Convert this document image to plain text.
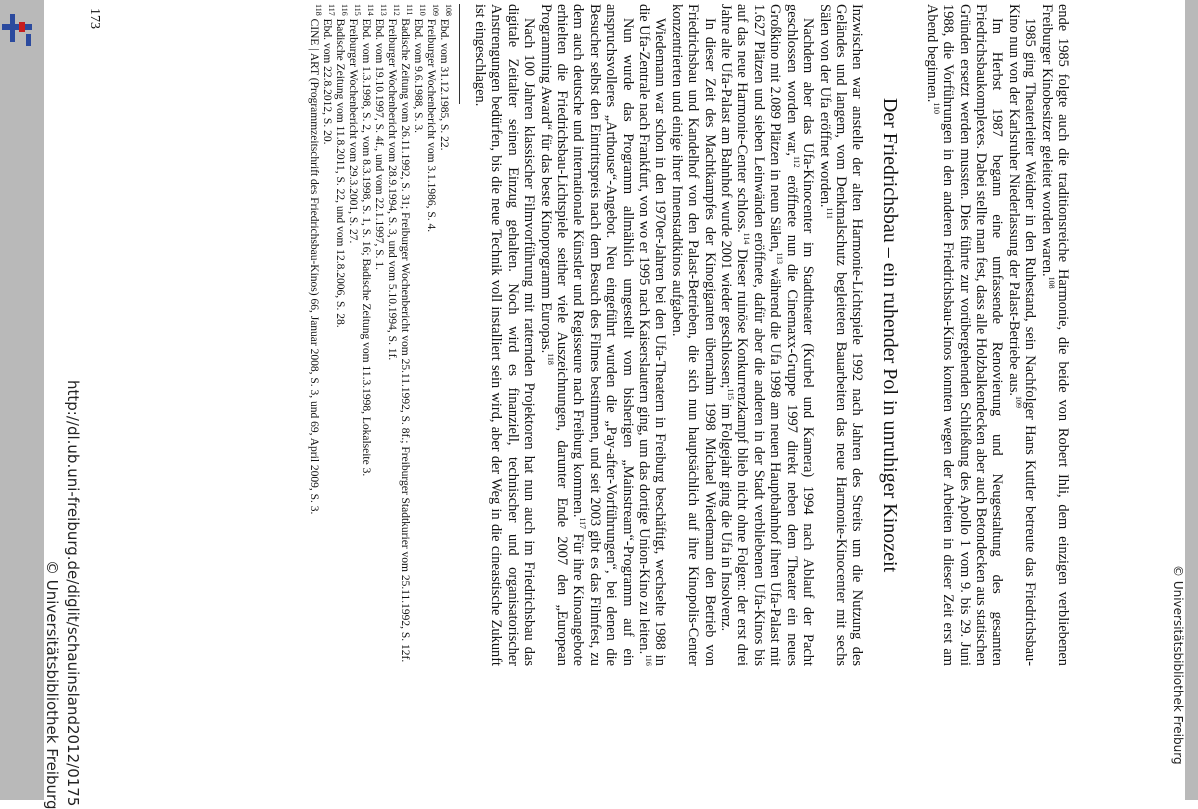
© Universitätsbibliothek Freiburg

ende 1985 folgte auch die traditionsreiche Harmonie, die beide von Robert Ihli, dem einzigen verbliebenen Freiburger Kinobesitzer geleitet worden waren.$^{108}$

1985 ging Theaterleiter Weidner in den Ruhestand, sein Nachfolger Hans Kuttler betreute das Friedrichsbau-Kino nun von der Karlsruher Niederlassung der Palast-Betriebe aus.$^{109}$

Im Herbst 1987 begann eine umfassende Renovierung und Neugestaltung des gesamten Friedrichsbaukomplexes. Dabei stellte man fest, dass alle Holzbalkendecken aber auch Betondecken aus statischen Gründen ersetzt werden mussten. Dies führte zur vorübergehenden Schließung des Apollo 1 vom 9. bis 29. Juni 1988, die Vorführungen in den anderen Friedrichsbau-Kinos konnten wegen der Arbeiten in dieser Zeit erst am Abend beginnen.$^{110}$

Der Friedrichsbau – ein ruhender Pol in unruhiger Kinozeit

Inzwischen war anstelle der alten Harmonie-Lichtspiele 1992 nach Jahren des Streits um die Nutzung des Geländes und langem, vom Denkmalschutz begleiteten Bauarbeiten das neue Harmonie-Kinocenter mit sechs Sälen von der Ufa eröffnet worden.$^{111}$

Nachdem aber das Ufa-Kinocenter im Stadttheater (Kurbel und Kamera) 1994 nach Ablauf der Pacht geschlossen worden war,$^{112}$ eröffnete nun die Cinemaxx-Gruppe 1997 direkt neben dem Theater ein neues Großkino mit 2.089 Plätzen in neun Sälen,$^{113}$ während die Ufa 1998 am neuen Hauptbahnhof ihren Ufa-Palast mit 1.627 Plätzen und sieben Leinwänden eröffnete, dafür aber die anderen in der Stadt verbliebenen Ufa-Kinos bis auf das neue Harmonie-Center schloss.$^{114}$ Dieser ruinöse Konkurrenzkampf blieb nicht ohne Folgen: der erst drei Jahre alte Ufa-Palast am Bahnhof wurde 2001 wieder geschlossen;$^{115}$ im Folgejahr ging die Ufa in Insolvenz.

In dieser Zeit des Machtkampfes der Kinogiganten übernahm 1998 Michael Wiedemann den Betrieb von Friedrichsbau und Kandelhof von den Palast-Betrieben, die sich nun hauptsächlich auf ihre Kinopolis-Center konzentrierten und einige ihrer Innenstadtkinos aufgaben.

Wiedemann war schon in den 1970er-Jahren bei den Ufa-Theatern in Freiburg beschäftigt, wechselte 1988 in die Ufa-Zentrale nach Frankfurt, von wo er 1995 nach Kaiserslautern ging, um das dortige Union-Kino zu leiten.$^{116}$

Nun wurde das Programm allmählich umgestellt vom bisherigen „Mainstream“-Programm auf ein anspruchsvolleres „Arthouse“-Angebot. Neu eingeführt wurden die „Pay-after-Vorführungen“, bei denen die Besucher selbst den Eintrittspreis nach dem Besuch des Filmes bestimmen, und seit 2003 gibt es das Filmfest, zu dem auch deutsche und internationale Künstler und Regisseure nach Freiburg kommen.$^{117}$ Für ihre Kinoangebote erhielten die Friedrichsbau-Lichtspiele seither viele Auszeichnungen, darunter Ende 2007 den „European Programming Award“ für das beste Kinoprogramm Europas.$^{118}$

Nach 100 Jahren klassischer Filmvorführung mit ratternden Projektoren hat nun auch im Friedrichsbau das digitale Zeitalter seinen Einzug gehalten. Noch wird es finanziell, technischer und organisatorischer Anstrengungen bedürfen, bis die neue Technik voll installiert sein wird, aber der Weg in die cineastische Zukunft ist eingeschlagen.

$^{108}$ Ebd. vom 31.12.1985, S. 22.

$^{109}$ Freiburger Wochenbericht vom 3.1.1986, S. 4.

$^{110}$ Ebd. vom 9.6.1988, S. 3.

$^{111}$ Badische Zeitung vom 26.11.1992, S. 31; Freiburger Wochenbericht vom 25.11.1992, S. 8f.; Freiburger Stadtkurier vom 25.11.1992, S. 12f.

$^{112}$ Freiburger Wochenbericht vom 28.9.1994, S. 3, und vom 5.10.1994, S. 1f.

$^{113}$ Ebd. vom 19.10.1997, S. 4f., und vom 22.1.1997, S. 1.

$^{114}$ Ebd. vom 1.3.1998, S. 2, vom 8.3.1998, S. 1, S. 16; Badische Zeitung vom 11.3.1998, Lokalseite 3.

$^{115}$ Freiburger Wochenbericht vom 29.3.2001, S. 27.

$^{116}$ Badische Zeitung vom 11.8.2011, S. 22, und vom 12.8.2006, S. 28.

$^{117}$ Ebd. vom 22.8.2012, S. 20.

$^{118}$ CINE | ART (Programmzeitschrift des Friedrichsbau-Kinos) 66, Januar 2008, S. 3, und 69, April 2009, S. 3.

173
http://dl.ub.uni-freiburg.de/diglit/schauinsland2012/0175
© Universitätsbibliothek Freiburg
